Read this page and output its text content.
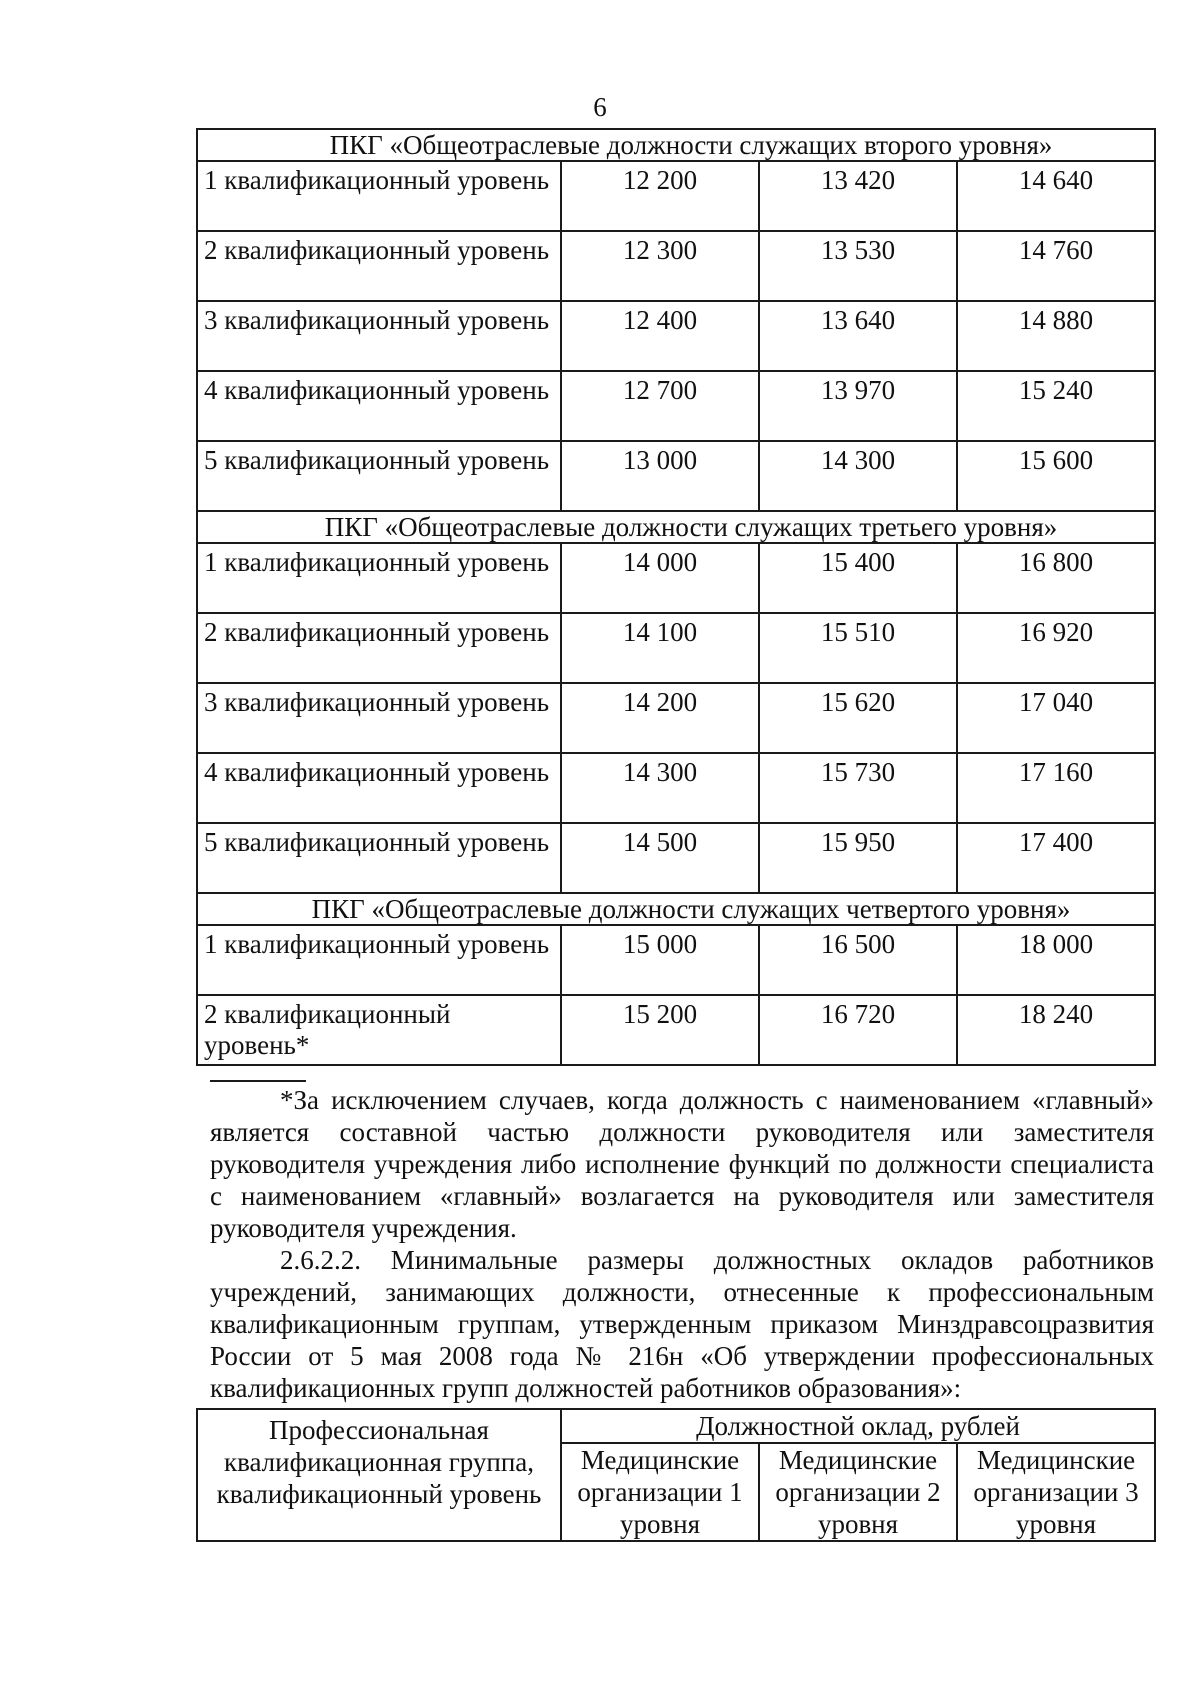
6
ПКГ «Общеотраслевые должности служащих второго уровня»			
1 квалификационный уровень	12 200	13 420	14 640
2 квалификационный уровень	12 300	13 530	14 760
3 квалификационный уровень	12 400	13 640	14 880
4 квалификационный уровень	12 700	13 970	15 240
5 квалификационный уровень	13 000	14 300	15 600
ПКГ «Общеотраслевые должности служащих третьего уровня»			
1 квалификационный уровень	14 000	15 400	16 800
2 квалификационный уровень	14 100	15 510	16 920
3 квалификационный уровень	14 200	15 620	17 040
4 квалификационный уровень	14 300	15 730	17 160
5 квалификационный уровень	14 500	15 950	17 400
ПКГ «Общеотраслевые должности служащих четвертого уровня»			
1 квалификационный уровень	15 000	16 500	18 000
2 квалификационный уровень*	15 200	16 720	18 240

*За исключением случаев, когда должность с наименованием «главный» является составной частью должности руководителя или заместителя руководителя учреждения либо исполнение функций по должности специалиста с наименованием «главный» возлагается на руководителя или заместителя руководителя учреждения.

2.6.2.2. Минимальные размеры должностных окладов работников учреждений, занимающих должности, отнесенные к профессиональным квалификационным группам, утвержденным приказом Минздравсоцразвития России от 5 мая 2008 года № 216н «Об утверждении профессиональных квалификационных групп должностей работников образования»:

Профессиональная квалификационная группа, квалификационный уровень	Должностной оклад, рублей		
	Медицинские организации 1 уровня	Медицинские организации 2 уровня	Медицинские организации 3 уровня
